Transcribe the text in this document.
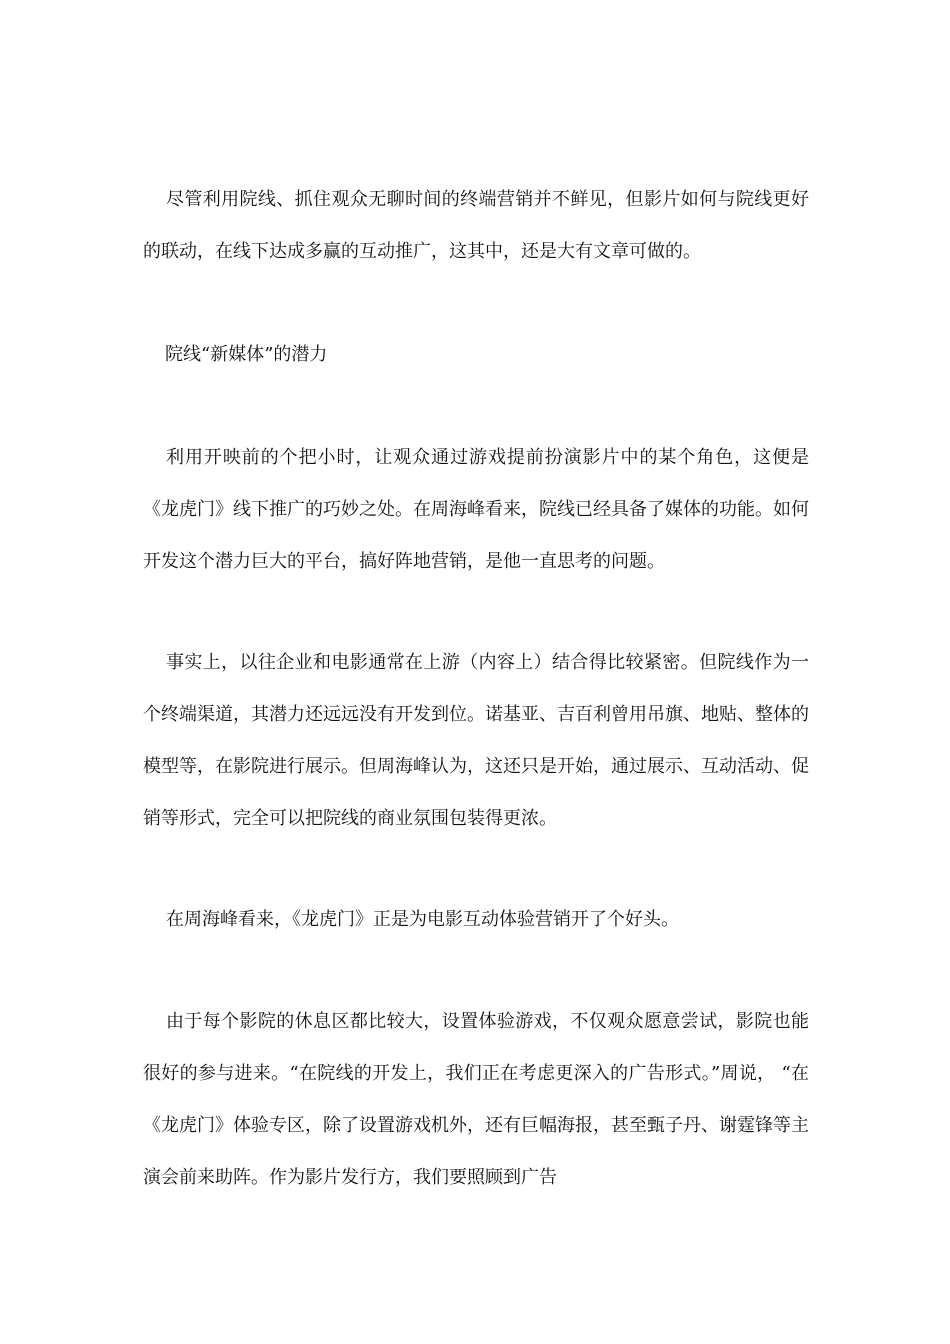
尽管利用院线、抓住观众无聊时间的终端营销并不鲜见，但影片如何与院线更好的联动，在线下达成多赢的互动推广，这其中，还是大有文章可做的。

院线“新媒体”的潜力

利用开映前的个把小时，让观众通过游戏提前扮演影片中的某个角色，这便是《龙虎门》线下推广的巧妙之处。在周海峰看来，院线已经具备了媒体的功能。如何开发这个潜力巨大的平台，搞好阵地营销，是他一直思考的问题。

事实上，以往企业和电影通常在上游（内容上）结合得比较紧密。但院线作为一个终端渠道，其潜力还远远没有开发到位。诺基亚、吉百利曾用吊旗、地贴、整体的模型等，在影院进行展示。但周海峰认为，这还只是开始，通过展示、互动活动、促销等形式，完全可以把院线的商业氛围包装得更浓。

在周海峰看来，《龙虎门》正是为电影互动体验营销开了个好头。

由于每个影院的休息区都比较大，设置体验游戏，不仅观众愿意尝试，影院也能很好的参与进来。“在院线的开发上，我们正在考虑更深入的广告形式。”周说， “在《龙虎门》体验专区，除了设置游戏机外，还有巨幅海报，甚至甄子丹、谢霆锋等主演会前来助阵。作为影片发行方，我们要照顾到广告
